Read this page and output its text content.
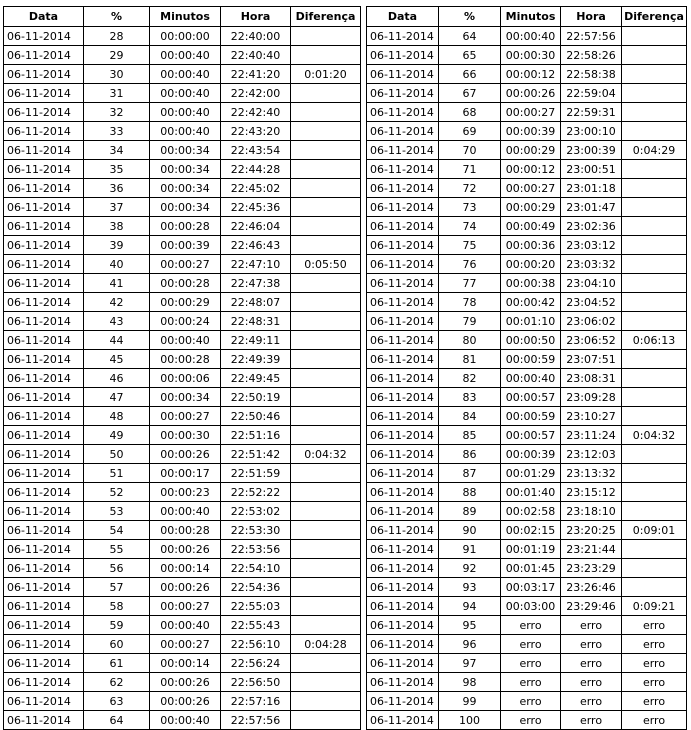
Data	%	Minutos	Hora	Diferença
06-11-2014	28	00:00:00	22:40:00	
06-11-2014	29	00:00:40	22:40:40	
06-11-2014	30	00:00:40	22:41:20	0:01:20
06-11-2014	31	00:00:40	22:42:00	
06-11-2014	32	00:00:40	22:42:40	
06-11-2014	33	00:00:40	22:43:20	
06-11-2014	34	00:00:34	22:43:54	
06-11-2014	35	00:00:34	22:44:28	
06-11-2014	36	00:00:34	22:45:02	
06-11-2014	37	00:00:34	22:45:36	
06-11-2014	38	00:00:28	22:46:04	
06-11-2014	39	00:00:39	22:46:43	
06-11-2014	40	00:00:27	22:47:10	0:05:50
06-11-2014	41	00:00:28	22:47:38	
06-11-2014	42	00:00:29	22:48:07	
06-11-2014	43	00:00:24	22:48:31	
06-11-2014	44	00:00:40	22:49:11	
06-11-2014	45	00:00:28	22:49:39	
06-11-2014	46	00:00:06	22:49:45	
06-11-2014	47	00:00:34	22:50:19	
06-11-2014	48	00:00:27	22:50:46	
06-11-2014	49	00:00:30	22:51:16	
06-11-2014	50	00:00:26	22:51:42	0:04:32
06-11-2014	51	00:00:17	22:51:59	
06-11-2014	52	00:00:23	22:52:22	
06-11-2014	53	00:00:40	22:53:02	
06-11-2014	54	00:00:28	22:53:30	
06-11-2014	55	00:00:26	22:53:56	
06-11-2014	56	00:00:14	22:54:10	
06-11-2014	57	00:00:26	22:54:36	
06-11-2014	58	00:00:27	22:55:03	
06-11-2014	59	00:00:40	22:55:43	
06-11-2014	60	00:00:27	22:56:10	0:04:28
06-11-2014	61	00:00:14	22:56:24	
06-11-2014	62	00:00:26	22:56:50	
06-11-2014	63	00:00:26	22:57:16	
06-11-2014	64	00:00:40	22:57:56	
Data	%	Minutos	Hora	Diferença
06-11-2014	64	00:00:40	22:57:56	
06-11-2014	65	00:00:30	22:58:26	
06-11-2014	66	00:00:12	22:58:38	
06-11-2014	67	00:00:26	22:59:04	
06-11-2014	68	00:00:27	22:59:31	
06-11-2014	69	00:00:39	23:00:10	
06-11-2014	70	00:00:29	23:00:39	0:04:29
06-11-2014	71	00:00:12	23:00:51	
06-11-2014	72	00:00:27	23:01:18	
06-11-2014	73	00:00:29	23:01:47	
06-11-2014	74	00:00:49	23:02:36	
06-11-2014	75	00:00:36	23:03:12	
06-11-2014	76	00:00:20	23:03:32	
06-11-2014	77	00:00:38	23:04:10	
06-11-2014	78	00:00:42	23:04:52	
06-11-2014	79	00:01:10	23:06:02	
06-11-2014	80	00:00:50	23:06:52	0:06:13
06-11-2014	81	00:00:59	23:07:51	
06-11-2014	82	00:00:40	23:08:31	
06-11-2014	83	00:00:57	23:09:28	
06-11-2014	84	00:00:59	23:10:27	
06-11-2014	85	00:00:57	23:11:24	0:04:32
06-11-2014	86	00:00:39	23:12:03	
06-11-2014	87	00:01:29	23:13:32	
06-11-2014	88	00:01:40	23:15:12	
06-11-2014	89	00:02:58	23:18:10	
06-11-2014	90	00:02:15	23:20:25	0:09:01
06-11-2014	91	00:01:19	23:21:44	
06-11-2014	92	00:01:45	23:23:29	
06-11-2014	93	00:03:17	23:26:46	
06-11-2014	94	00:03:00	23:29:46	0:09:21
06-11-2014	95	erro	erro	erro
06-11-2014	96	erro	erro	erro
06-11-2014	97	erro	erro	erro
06-11-2014	98	erro	erro	erro
06-11-2014	99	erro	erro	erro
06-11-2014	100	erro	erro	erro
